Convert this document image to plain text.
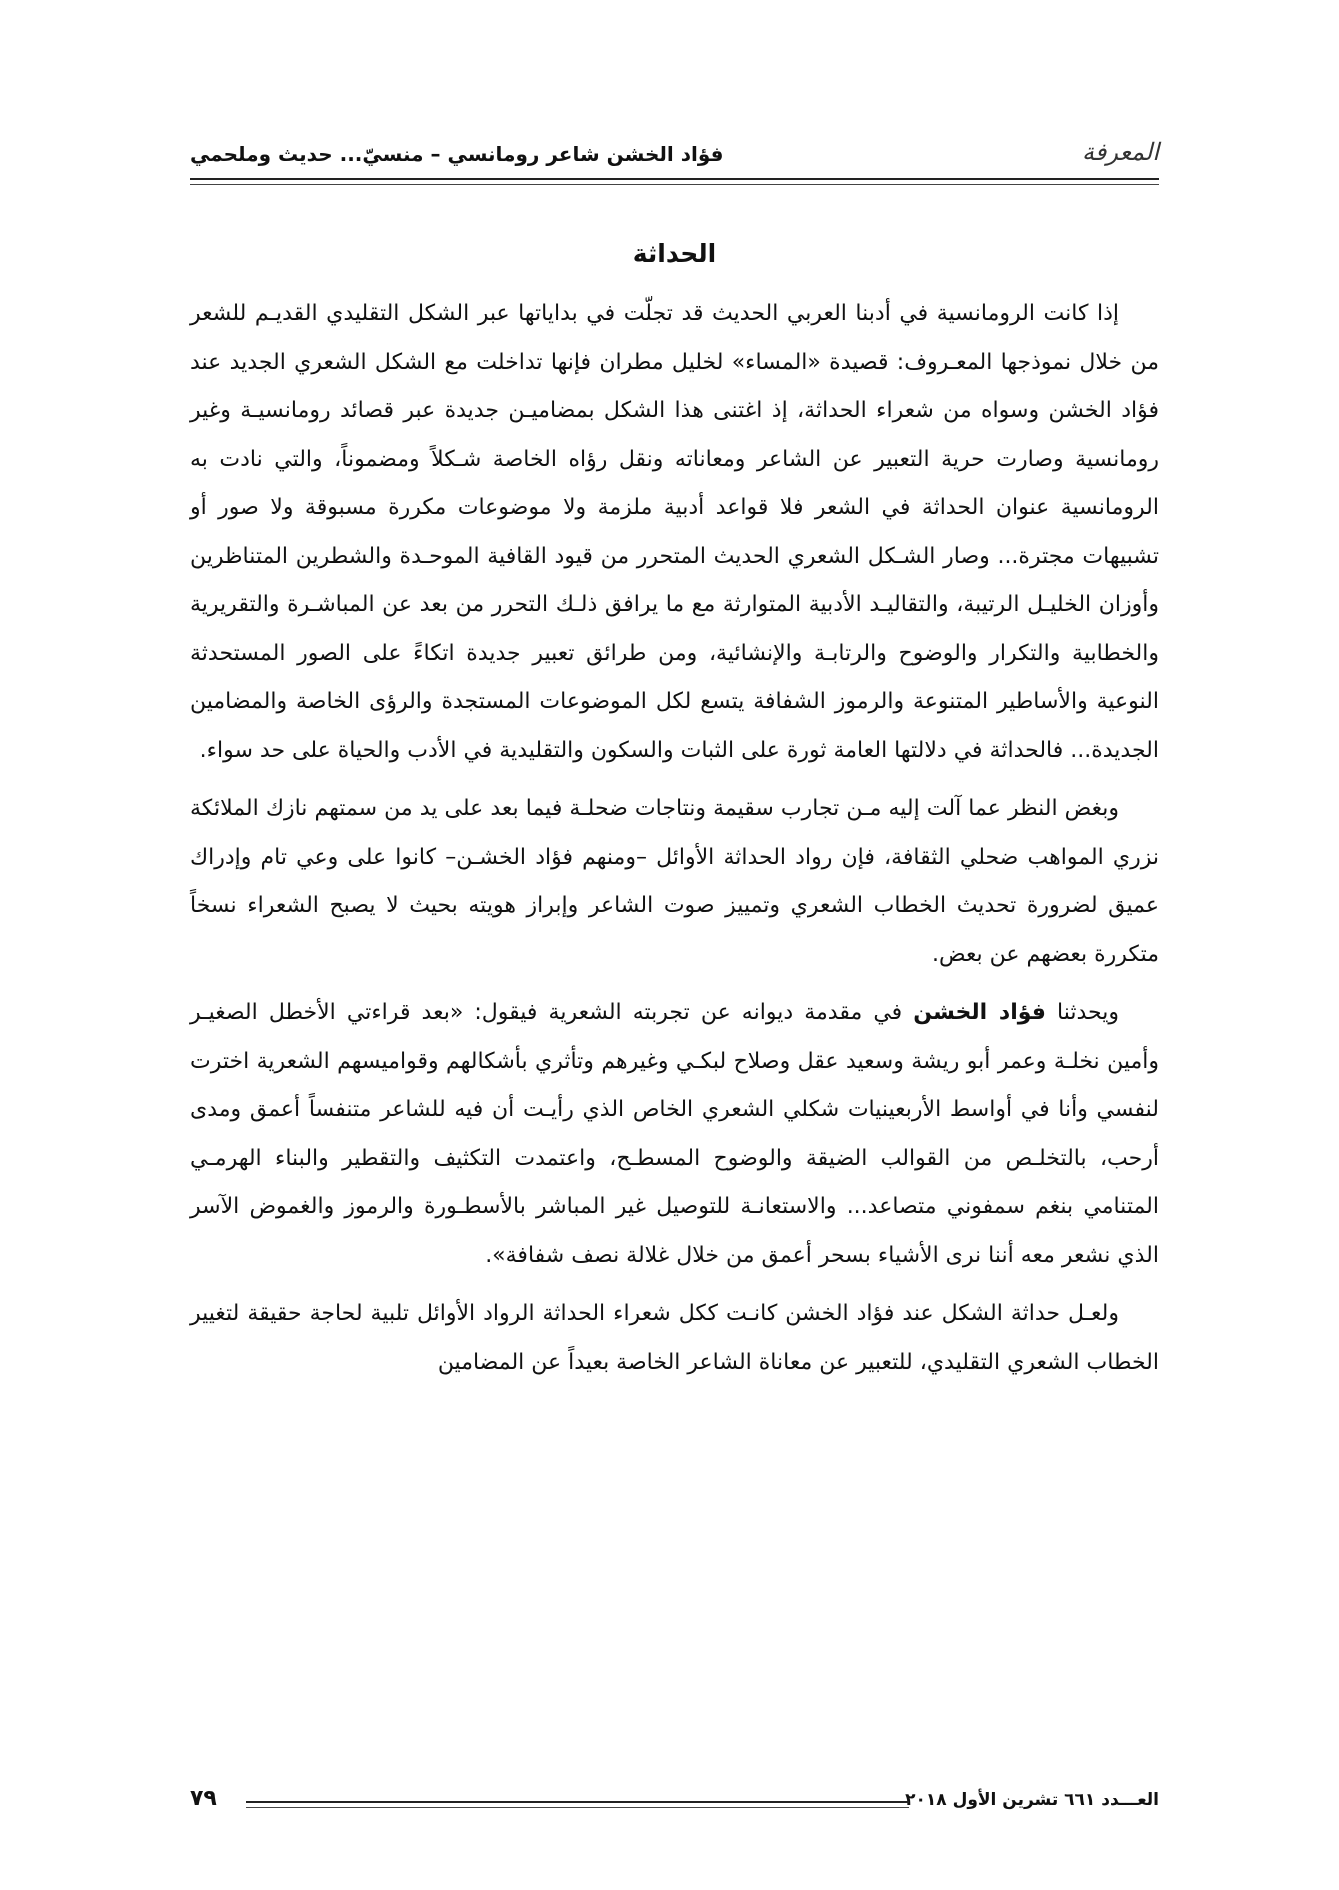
المعرفة
فؤاد الخشن شاعر رومانسي – منسيّ... حديث وملحمي
الحداثة

إذا كانت الرومانسية في أدبنا العربي الحديث قد تجلّت في بداياتها عبر الشكل التقليدي القديـم للشعر من خلال نموذجها المعـروف: قصيدة «المساء» لخليل مطران فإنها تداخلت مع الشكل الشعري الجديد عند فؤاد الخشن وسواه من شعراء الحداثة، إذ اغتنى هذا الشكل بمضاميـن جديدة عبر قصائد رومانسيـة وغير رومانسية وصارت حرية التعبير عن الشاعر ومعاناته ونقل رؤاه الخاصة شـكلاً ومضموناً، والتي نادت به الرومانسية عنوان الحداثة في الشعر فلا قواعد أدبية ملزمة ولا موضوعات مكررة مسبوقة ولا صور أو تشبيهات مجترة... وصار الشـكل الشعري الحديث المتحرر من قيود القافية الموحـدة والشطرين المتناظرين وأوزان الخليـل الرتيبة، والتقاليـد الأدبية المتوارثة مع ما يرافق ذلـك التحرر من بعد عن المباشـرة والتقريرية والخطابية والتكرار والوضوح والرتابـة والإنشائية، ومن طرائق تعبير جديدة اتكاءً على الصور المستحدثة النوعية والأساطير المتنوعة والرموز الشفافة يتسع لكل الموضوعات المستجدة والرؤى الخاصة والمضامين الجديدة... فالحداثة في دلالتها العامة ثورة على الثبات والسكون والتقليدية في الأدب والحياة على حد سواء.

وبغض النظر عما آلت إليه مـن تجارب سقيمة ونتاجات ضحلـة فيما بعد على يد من سمتهم نازك الملائكة نزري المواهب ضحلي الثقافة، فإن رواد الحداثة الأوائل –ومنهم فؤاد الخشـن– كانوا على وعي تام وإدراك عميق لضرورة تحديث الخطاب الشعري وتمييز صوت الشاعر وإبراز هويته بحيث لا يصبح الشعراء نسخاً متكررة بعضهم عن بعض.

ويحدثنا فؤاد الخشن في مقدمة ديوانه عن تجربته الشعرية فيقول: «بعد قراءتي الأخطل الصغيـر وأمين نخلـة وعمر أبو ريشة وسعيد عقل وصلاح لبكـي وغيرهم وتأثري بأشكالهم وقواميسهم الشعرية اخترت لنفسي وأنا في أواسط الأربعينيات شكلي الشعري الخاص الذي رأيـت أن فيه للشاعر متنفساً أعمق ومدى أرحب، بالتخلـص من القوالب الضيقة والوضوح المسطـح، واعتمدت التكثيف والتقطير والبناء الهرمـي المتنامي بنغم سمفوني متصاعد... والاستعانـة للتوصيل غير المباشر بالأسطـورة والرموز والغموض الآسر الذي نشعر معه أننا نرى الأشياء بسحر أعمق من خلال غلالة نصف شفافة».

ولعـل حداثة الشكل عند فؤاد الخشن كانـت ككل شعراء الحداثة الرواد الأوائل تلبية لحاجة حقيقة لتغيير الخطاب الشعري التقليدي، للتعبير عن معاناة الشاعر الخاصة بعيداً عن المضامين

العـــدد ٦٦١ تشرين الأول ٢٠١٨
٧٩
